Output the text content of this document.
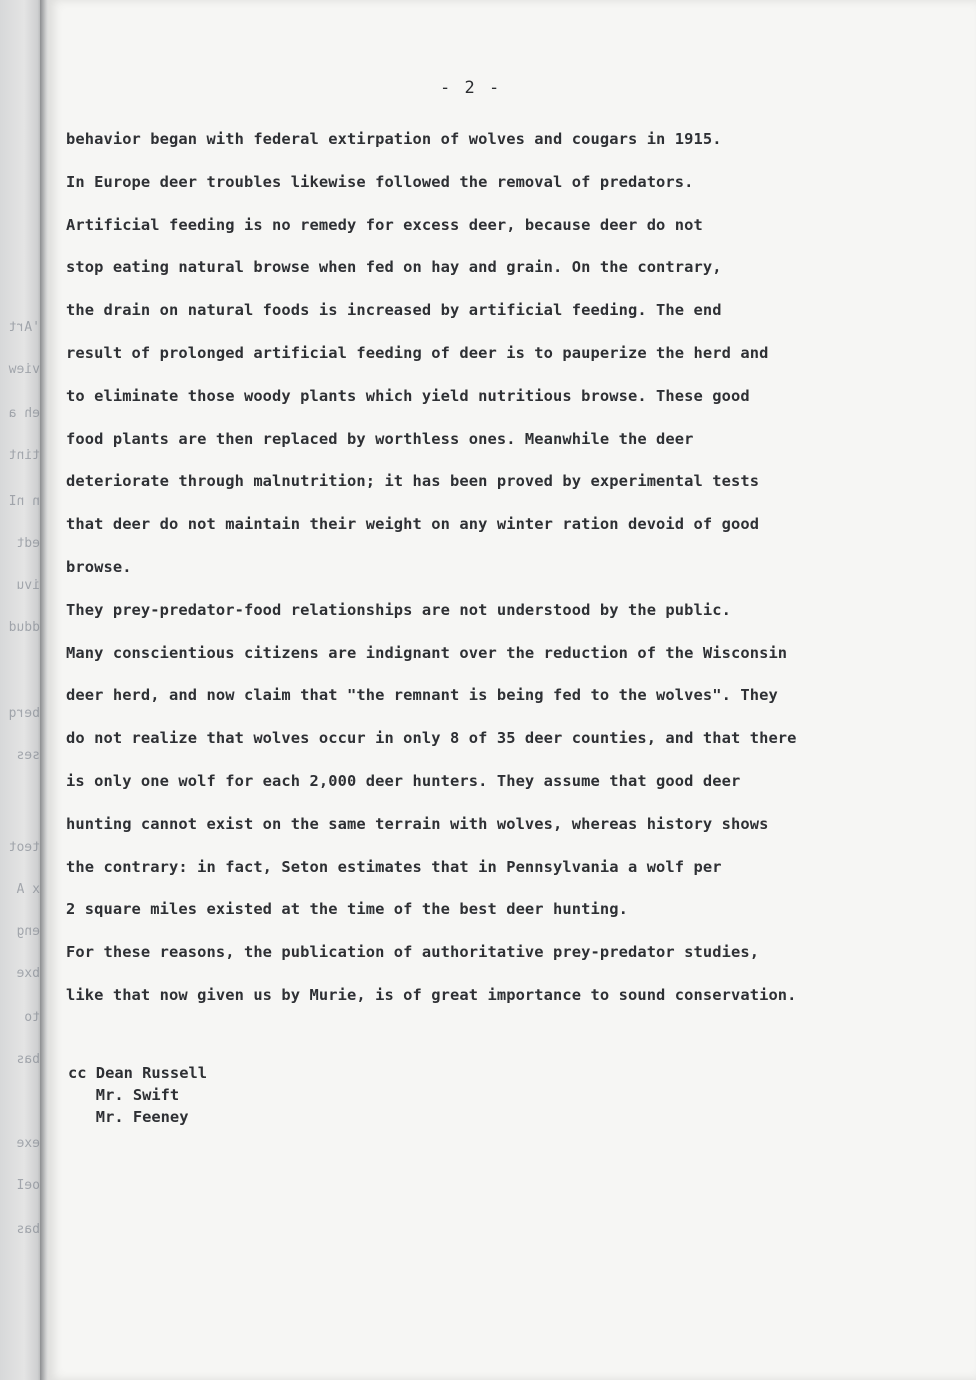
'Art
view
eh a
tint
n nI
edt
ivu
ddud
berq
ses
teot
x A
eng
bxe
to
bas
exe
oeI
bas
- 2 -
behavior began with federal extirpation of wolves and cougars in 1915.
In Europe deer troubles likewise followed the removal of predators.
Artificial feeding is no remedy for excess deer, because deer do not
stop eating natural browse when fed on hay and grain. On the contrary,
the drain on natural foods is increased by artificial feeding. The end
result of prolonged artificial feeding of deer is to pauperize the herd and
to eliminate those woody plants which yield nutritious browse. These good
food plants are then replaced by worthless ones. Meanwhile the deer
deteriorate through malnutrition; it has been proved by experimental tests
that deer do not maintain their weight on any winter ration devoid of good
browse.
They prey-predator-food relationships are not understood by the public.
Many conscientious citizens are indignant over the reduction of the Wisconsin
deer herd, and now claim that "the remnant is being fed to the wolves". They
do not realize that wolves occur in only 8 of 35 deer counties, and that there
is only one wolf for each 2,000 deer hunters. They assume that good deer
hunting cannot exist on the same terrain with wolves, whereas history shows
the contrary: in fact, Seton estimates that in Pennsylvania a wolf per
2 square miles existed at the time of the best deer hunting.
For these reasons, the publication of authoritative prey-predator studies,
like that now given us by Murie, is of great importance to sound conservation.
cc Dean Russell
Mr. Swift
Mr. Feeney
